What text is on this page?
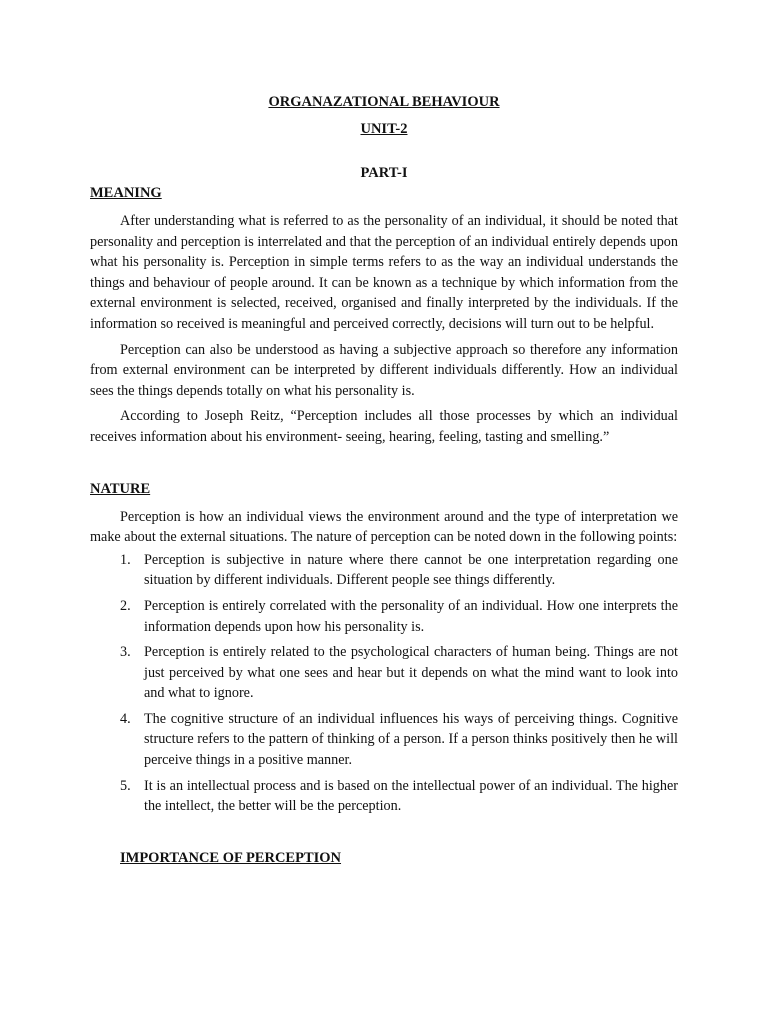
ORGANAZATIONAL BEHAVIOUR

UNIT-2

PART-I

MEANING

After understanding what is referred to as the personality of an individual, it should be noted that personality and perception is interrelated and that the perception of an individual entirely depends upon what his personality is. Perception in simple terms refers to as the way an individual understands the things and behaviour of people around. It can be known as a technique by which information from the external environment is selected, received, organised and finally interpreted by the individuals. If the information so received is meaningful and perceived correctly, decisions will turn out to be helpful.

Perception can also be understood as having a subjective approach so therefore any information from external environment can be interpreted by different individuals differently. How an individual sees the things depends totally on what his personality is.

According to Joseph Reitz, “Perception includes all those processes by which an individual receives information about his environment- seeing, hearing, feeling, tasting and smelling.”

NATURE

Perception is how an individual views the environment around and the type of interpretation we make about the external situations. The nature of perception can be noted down in the following points:

1. Perception is subjective in nature where there cannot be one interpretation regarding one situation by different individuals. Different people see things differently.
2. Perception is entirely correlated with the personality of an individual. How one interprets the information depends upon how his personality is.
3. Perception is entirely related to the psychological characters of human being. Things are not just perceived by what one sees and hear but it depends on what the mind want to look into and what to ignore.
4. The cognitive structure of an individual influences his ways of perceiving things. Cognitive structure refers to the pattern of thinking of a person. If a person thinks positively then he will perceive things in a positive manner.
5. It is an intellectual process and is based on the intellectual power of an individual. The higher the intellect, the better will be the perception.

IMPORTANCE OF PERCEPTION
